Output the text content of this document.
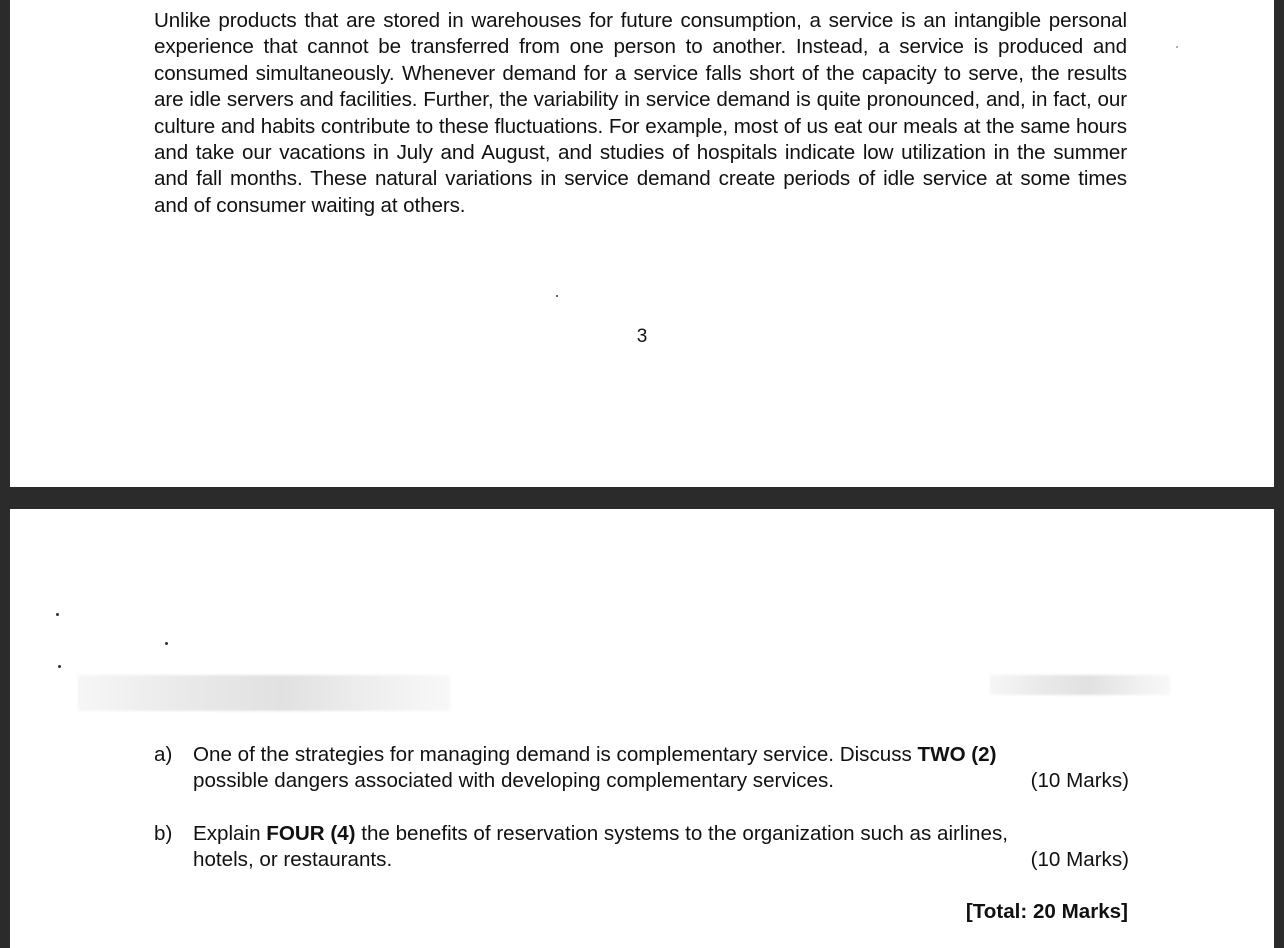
Unlike products that are stored in warehouses for future consumption, a service is an intangible personal experience that cannot be transferred from one person to another. Instead, a service is produced and consumed simultaneously. Whenever demand for a service falls short of the capacity to serve, the results are idle servers and facilities. Further, the variability in service demand is quite pronounced, and, in fact, our culture and habits contribute to these fluctuations. For example, most of us eat our meals at the same hours and take our vacations in July and August, and studies of hospitals indicate low utilization in the summer and fall months. These natural variations in service demand create periods of idle service at some times and of consumer waiting at others.

3
a)	One of the strategies for managing demand is complementary service. Discuss TWO (2)
possible dangers associated with developing complementary services.	(10 Marks)
b)	Explain FOUR (4) the benefits of reservation systems to the organization such as airlines,
hotels, or restaurants.	(10 Marks)
[Total: 20 Marks]
